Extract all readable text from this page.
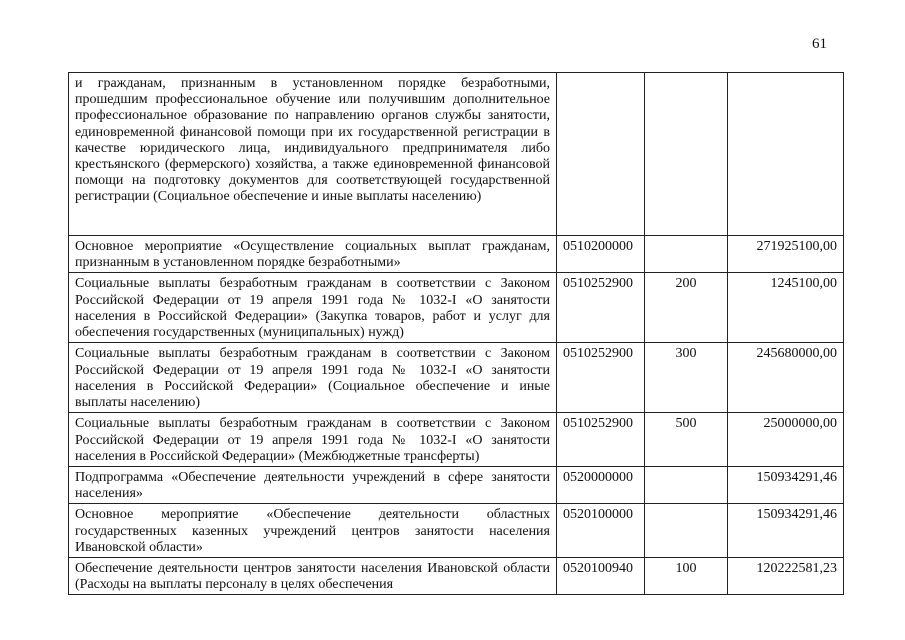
61
и гражданам, признанным в установленном порядке безработными, прошедшим профессиональное обучение или получившим дополнительное профессиональное образование по направлению органов службы занятости, единовременной финансовой помощи при их государственной регистрации в качестве юридического лица, индивидуального предпринимателя либо крестьянского (фермерского) хозяйства, а также единовременной финансовой помощи на подготовку документов для соответствующей государственной регистрации (Социальное обеспечение и иные выплаты населению)			
Основное мероприятие «Осуществление социальных выплат гражданам, признанным в установленном порядке безработными»	0510200000		271925100,00
Социальные выплаты безработным гражданам в соответствии с Законом Российской Федерации от 19 апреля 1991 года № 1032-I «О занятости населения в Российской Федерации» (Закупка товаров, работ и услуг для обеспечения государственных (муниципальных) нужд)	0510252900	200	1245100,00
Социальные выплаты безработным гражданам в соответствии с Законом Российской Федерации от 19 апреля 1991 года № 1032-I «О занятости населения в Российской Федерации» (Социальное обеспечение и иные выплаты населению)	0510252900	300	245680000,00
Социальные выплаты безработным гражданам в соответствии с Законом Российской Федерации от 19 апреля 1991 года № 1032-I «О занятости населения в Российской Федерации» (Межбюджетные трансферты)	0510252900	500	25000000,00
Подпрограмма «Обеспечение деятельности учреждений в сфере занятости населения»	0520000000		150934291,46
Основное мероприятие «Обеспечение деятельности областных государственных казенных учреждений центров занятости населения Ивановской области»	0520100000		150934291,46
Обеспечение деятельности центров занятости населения Ивановской области (Расходы на выплаты персоналу в целях обеспечения	0520100940	100	120222581,23
